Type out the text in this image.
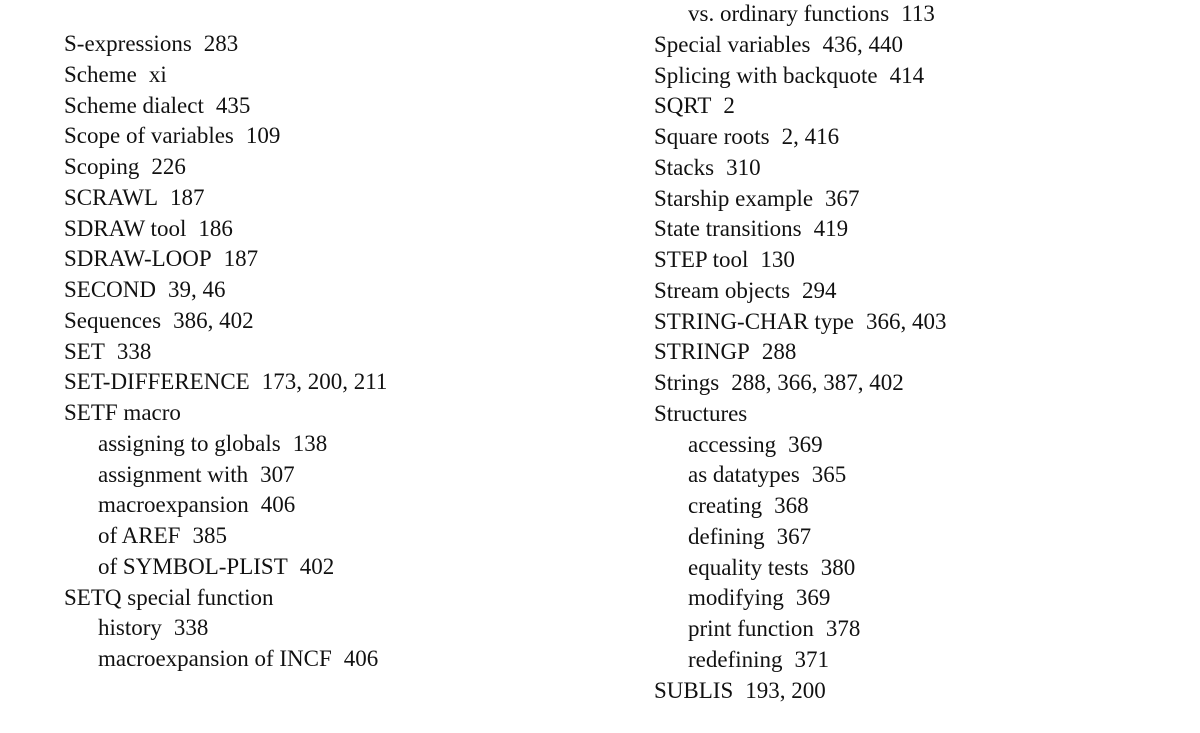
S-expressions 283
Scheme xi
Scheme dialect 435
Scope of variables 109
Scoping 226
SCRAWL 187
SDRAW tool 186
SDRAW-LOOP 187
SECOND 39, 46
Sequences 386, 402
SET 338
SET-DIFFERENCE 173, 200, 211
SETF macro
assigning to globals 138
assignment with 307
macroexpansion 406
of AREF 385
of SYMBOL-PLIST 402
SETQ special function
history 338
macroexpansion of INCF 406
vs. ordinary functions 113
Special variables 436, 440
Splicing with backquote 414
SQRT 2
Square roots 2, 416
Stacks 310
Starship example 367
State transitions 419
STEP tool 130
Stream objects 294
STRING-CHAR type 366, 403
STRINGP 288
Strings 288, 366, 387, 402
Structures
accessing 369
as datatypes 365
creating 368
defining 367
equality tests 380
modifying 369
print function 378
redefining 371
SUBLIS 193, 200
